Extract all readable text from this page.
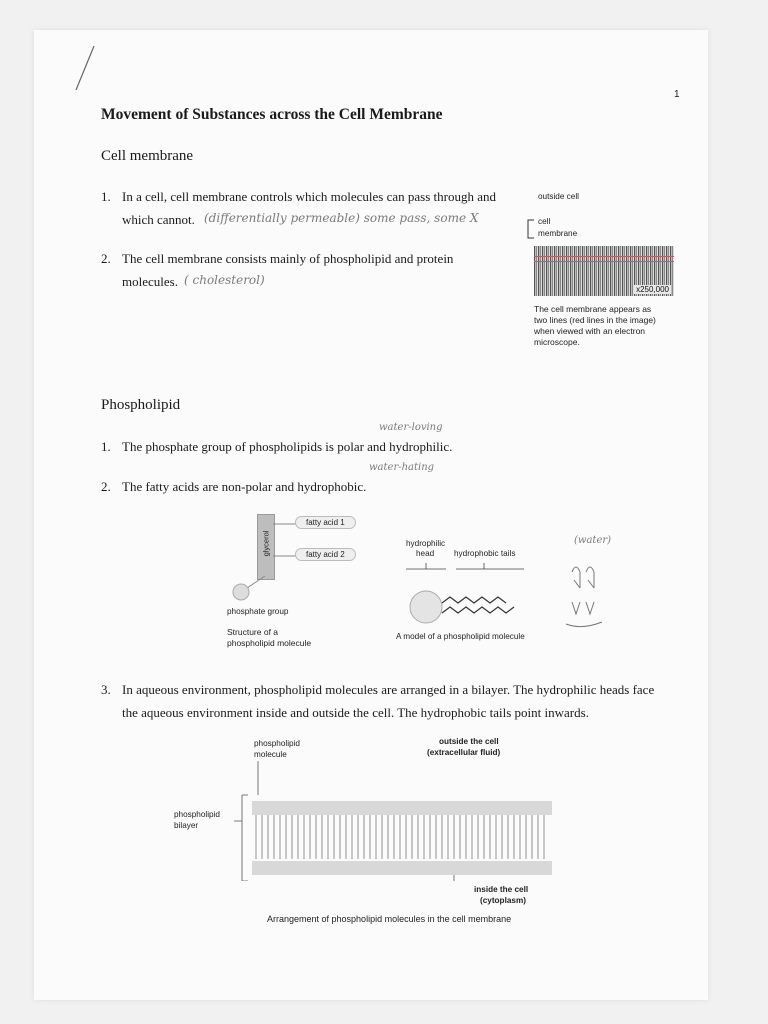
1
Movement of Substances across the Cell Membrane
Cell membrane
1. In a cell, cell membrane controls which molecules can pass through and
which cannot. (differentially permeable) some pass, some X
2. The cell membrane consists mainly of phospholipid and protein
molecules. ( cholesterol)
outside cell
cell
membrane
x250,000
The cell membrane appears as
two lines (red lines in the image)
when viewed with an electron
microscope.
Phospholipid
water-loving
1. The phosphate group of phospholipids is polar and hydrophilic.
water-hating
2. The fatty acids are non-polar and hydrophobic.
glycerol
fatty acid 1
fatty acid 2
phosphate group
Structure of a
phospholipid molecule
hydrophilic
head hydrophobic tails
A model of a phospholipid molecule
(water)
3. In aqueous environment, phospholipid molecules are arranged in a bilayer. The hydrophilic heads face
the aqueous environment inside and outside the cell. The hydrophobic tails point inwards.
phospholipid
molecule
outside the cell
(extracellular fluid)
phospholipid
bilayer
inside the cell
(cytoplasm)
Arrangement of phospholipid molecules in the cell membrane
